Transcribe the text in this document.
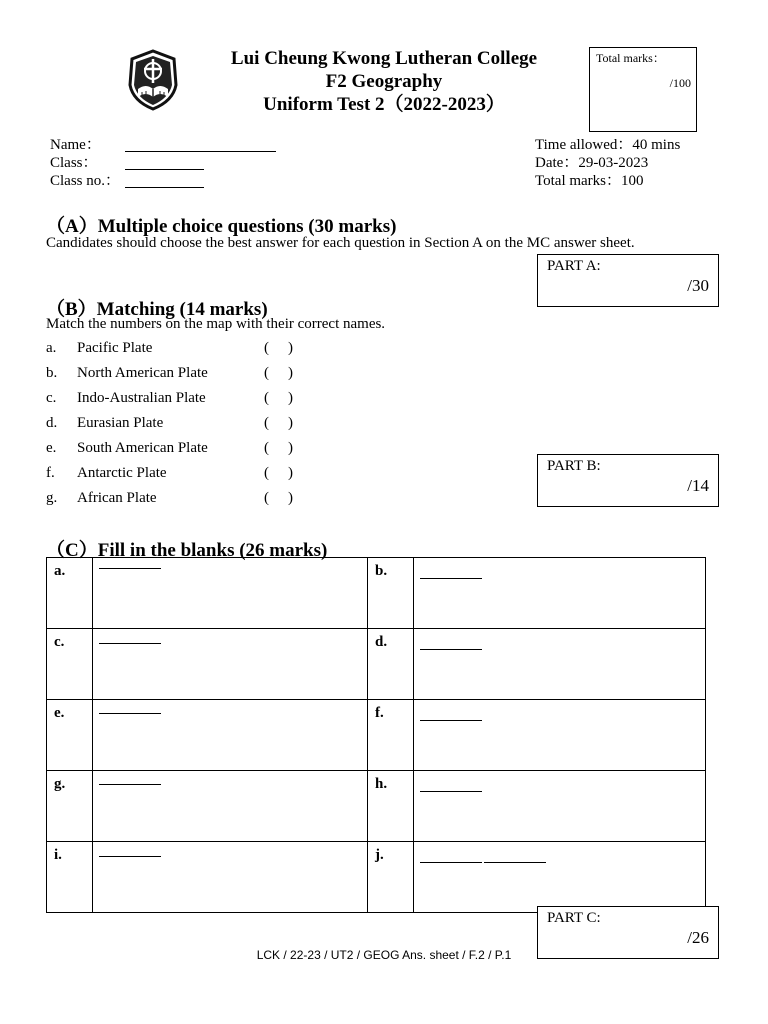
Lui Cheung Kwong Lutheran College
F2 Geography
Uniform Test 2（2022-2023）
Total marks：
/100
Name：
Class：
Class no.：
Time allowed：40 mins
Date：29-03-2023
Total marks：100
（A）Multiple choice questions (30 marks)
Candidates should choose the best answer for each question in Section A on the MC answer sheet.
PART A:
/30
（B）Matching (14 marks)
Match the numbers on the map with their correct names.
a. Pacific Plate	( )
b. North American Plate	( )
c. Indo-Australian Plate	( )
d. Eurasian Plate	( )
e. South American Plate	( )
f. Antarctic Plate	( )
g. African Plate	( )
PART B:
/14
（C）Fill in the blanks (26 marks)
a.		b.	

c.		d.	

e.		f.	

g.		h.	

i.		j.	

PART C:
/26
LCK / 22-23 / UT2 / GEOG Ans. sheet / F.2 / P.1
